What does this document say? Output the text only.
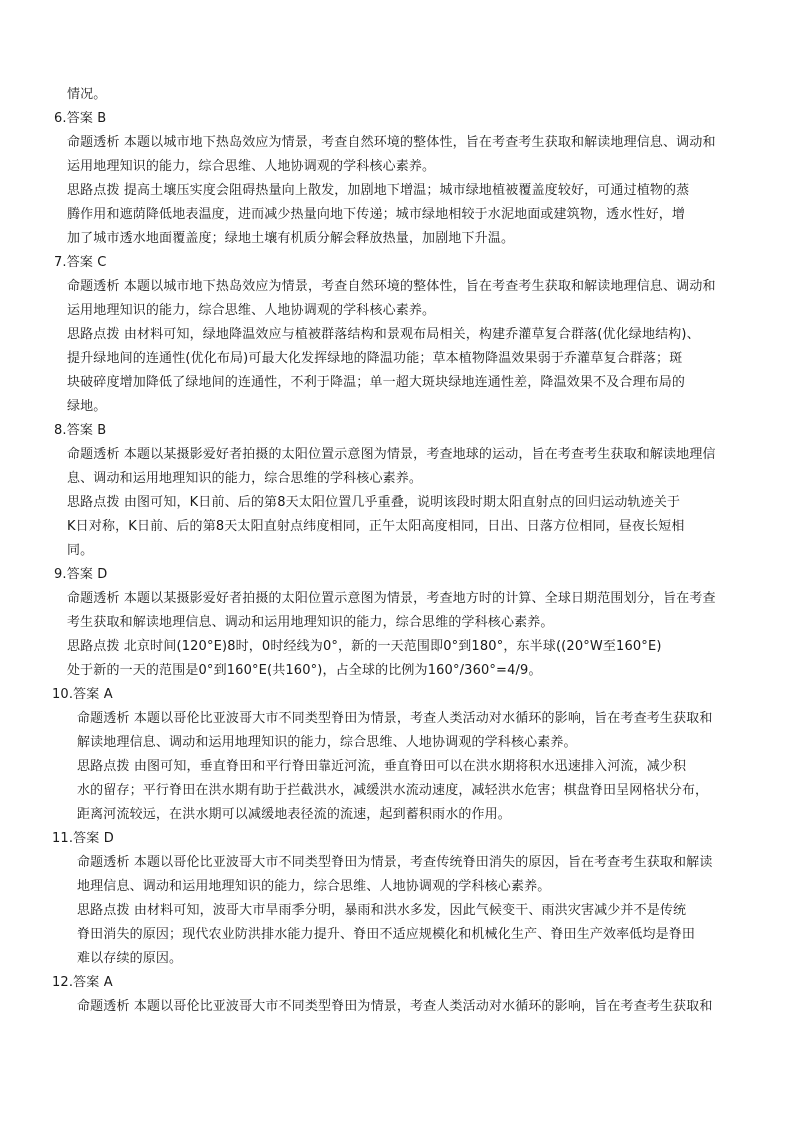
情况。
6.答案 B
命题透析 本题以城市地下热岛效应为情景，考查自然环境的整体性，旨在考查考生获取和解读地理信息、调动和
运用地理知识的能力，综合思维、人地协调观的学科核心素养。
思路点拨 提高土壤压实度会阻碍热量向上散发，加剧地下增温；城市绿地植被覆盖度较好，可通过植物的蒸
腾作用和遮荫降低地表温度，进而减少热量向地下传递；城市绿地相较于水泥地面或建筑物，透水性好，增
加了城市透水地面覆盖度；绿地土壤有机质分解会释放热量，加剧地下升温。
7.答案 C
命题透析 本题以城市地下热岛效应为情景，考查自然环境的整体性，旨在考查考生获取和解读地理信息、调动和
运用地理知识的能力，综合思维、人地协调观的学科核心素养。
思路点拨 由材料可知，绿地降温效应与植被群落结构和景观布局相关，构建乔灌草复合群落(优化绿地结构)、
提升绿地间的连通性(优化布局)可最大化发挥绿地的降温功能；草本植物降温效果弱于乔灌草复合群落；斑
块破碎度增加降低了绿地间的连通性，不利于降温；单一超大斑块绿地连通性差，降温效果不及合理布局的
绿地。
8.答案 B
命题透析 本题以某摄影爱好者拍摄的太阳位置示意图为情景，考查地球的运动，旨在考查考生获取和解读地理信
息、调动和运用地理知识的能力，综合思维的学科核心素养。
思路点拨 由图可知，K日前、后的第8天太阳位置几乎重叠，说明该段时期太阳直射点的回归运动轨迹关于
K日对称，K日前、后的第8天太阳直射点纬度相同，正午太阳高度相同，日出、日落方位相同，昼夜长短相
同。
9.答案 D
命题透析 本题以某摄影爱好者拍摄的太阳位置示意图为情景，考查地方时的计算、全球日期范围划分，旨在考查
考生获取和解读地理信息、调动和运用地理知识的能力，综合思维的学科核心素养。
思路点拨 北京时间(120°E)8时，0时经线为0°，新的一天范围即0°到180°，东半球((20°W至160°E)
处于新的一天的范围是0°到160°E(共160°)，占全球的比例为160°/360°=4/9。
10.答案 A
命题透析 本题以哥伦比亚波哥大市不同类型脊田为情景，考查人类活动对水循环的影响，旨在考查考生获取和
解读地理信息、调动和运用地理知识的能力，综合思维、人地协调观的学科核心素养。
思路点拨 由图可知，垂直脊田和平行脊田靠近河流，垂直脊田可以在洪水期将积水迅速排入河流，减少积
水的留存；平行脊田在洪水期有助于拦截洪水，减缓洪水流动速度，减轻洪水危害；棋盘脊田呈网格状分布，
距离河流较远，在洪水期可以减缓地表径流的流速，起到蓄积雨水的作用。
11.答案 D
命题透析 本题以哥伦比亚波哥大市不同类型脊田为情景，考查传统脊田消失的原因，旨在考查考生获取和解读
地理信息、调动和运用地理知识的能力，综合思维、人地协调观的学科核心素养。
思路点拨 由材料可知，波哥大市旱雨季分明，暴雨和洪水多发，因此气候变干、雨洪灾害减少并不是传统
脊田消失的原因；现代农业防洪排水能力提升、脊田不适应规模化和机械化生产、脊田生产效率低均是脊田
难以存续的原因。
12.答案 A
命题透析 本题以哥伦比亚波哥大市不同类型脊田为情景，考查人类活动对水循环的影响，旨在考查考生获取和
